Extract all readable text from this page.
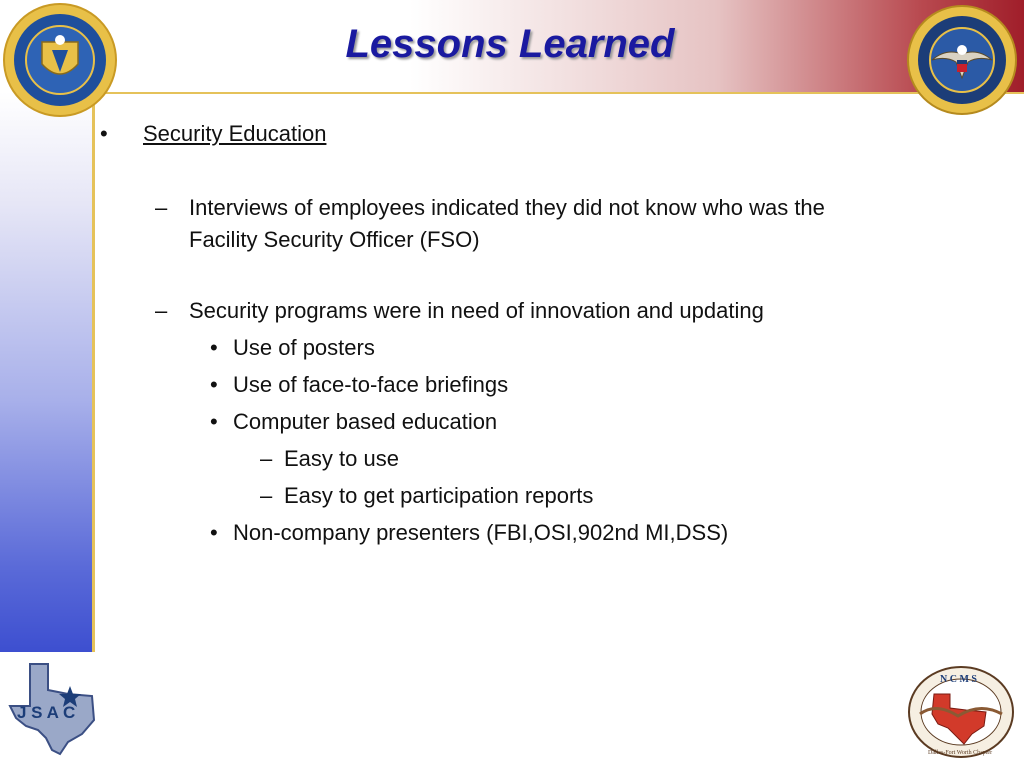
Lessons Learned
• Security Education
– Interviews of employees indicated they did not know who was the
Facility Security Officer (FSO)
– Security programs were in need of innovation and updating
• Use of posters
• Use of face-to-face briefings
• Computer based education
– Easy to use
– Easy to get participation reports
• Non-company presenters (FBI,OSI,902nd MI,DSS)
J S A C
N C M S
Dallas-Fort Worth Chapter
